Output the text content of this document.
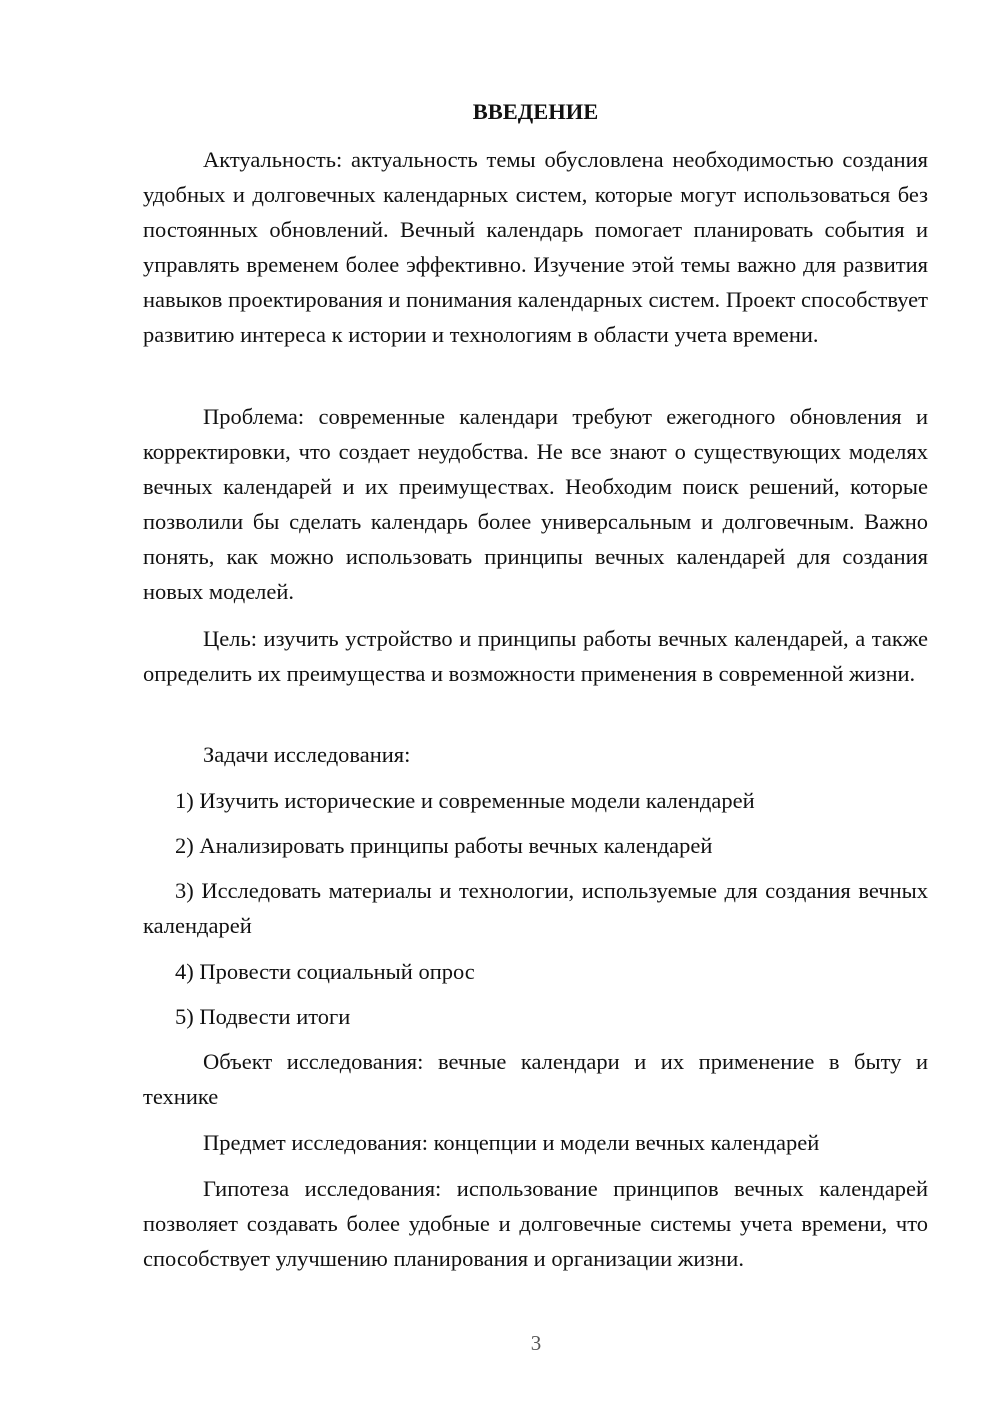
ВВЕДЕНИЕ

Актуальность: актуальность темы обусловлена необходимостью создания удобных и долговечных календарных систем, которые могут использоваться без постоянных обновлений. Вечный календарь помогает планировать события и управлять временем более эффективно. Изучение этой темы важно для развития навыков проектирования и понимания календарных систем. Проект способствует развитию интереса к истории и технологиям в области учета времени.

Проблема: современные календари требуют ежегодного обновления и корректировки, что создает неудобства. Не все знают о существующих моделях вечных календарей и их преимуществах. Необходим поиск решений, которые позволили бы сделать календарь более универсальным и долговечным. Важно понять, как можно использовать принципы вечных календарей для создания новых моделей.

Цель: изучить устройство и принципы работы вечных календарей, а также определить их преимущества и возможности применения в современной жизни.

Задачи исследования:

1) Изучить исторические и современные модели календарей

2) Анализировать принципы работы вечных календарей

3) Исследовать материалы и технологии, используемые для создания вечных календарей

4) Провести социальный опрос

5) Подвести итоги

Объект исследования: вечные календари и их применение в быту и технике

Предмет исследования: концепции и модели вечных календарей

Гипотеза исследования: использование принципов вечных календарей позволяет создавать более удобные и долговечные системы учета времени, что способствует улучшению планирования и организации жизни.

3
